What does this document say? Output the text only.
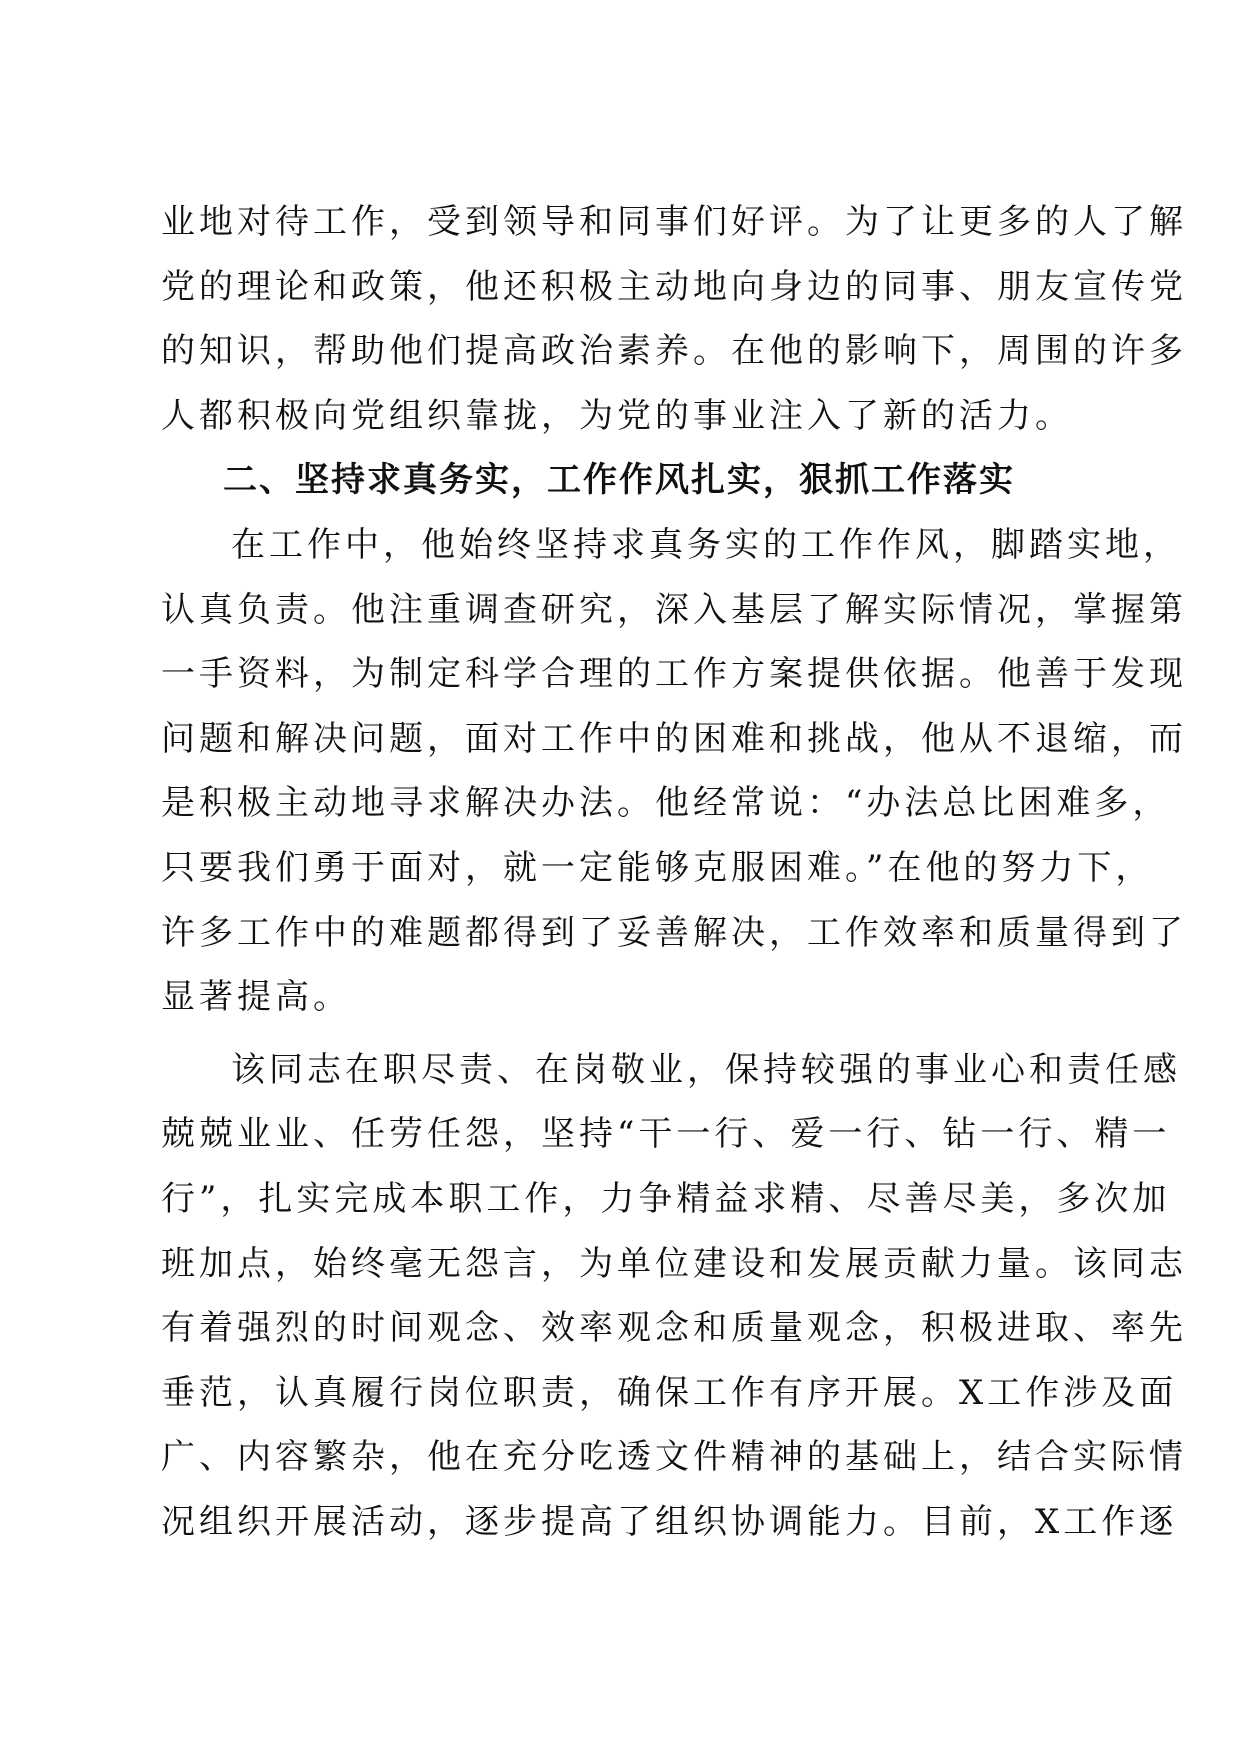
业地对待工作，受到领导和同事们好评。为了让更多的人了解
党的理论和政策，他还积极主动地向身边的同事、朋友宣传党
的知识，帮助他们提高政治素养。在他的影响下，周围的许多
人都积极向党组织靠拢，为党的事业注入了新的活力。
二、坚持求真务实，工作作风扎实，狠抓工作落实
在工作中，他始终坚持求真务实的工作作风，脚踏实地，
认真负责。他注重调查研究，深入基层了解实际情况，掌握第
一手资料，为制定科学合理的工作方案提供依据。他善于发现
问题和解决问题，面对工作中的困难和挑战，他从不退缩，而
是积极主动地寻求解决办法。他经常说：“办法总比困难多，
只要我们勇于面对，就一定能够克服困难。”在他的努力下，
许多工作中的难题都得到了妥善解决，工作效率和质量得到了
显著提高。
该同志在职尽责、在岗敬业，保持较强的事业心和责任感
兢兢业业、任劳任怨，坚持“干一行、爱一行、钻一行、精一
行”，扎实完成本职工作，力争精益求精、尽善尽美，多次加
班加点，始终毫无怨言，为单位建设和发展贡献力量。该同志
有着强烈的时间观念、效率观念和质量观念，积极进取、率先
垂范，认真履行岗位职责，确保工作有序开展。X工作涉及面
广、内容繁杂，他在充分吃透文件精神的基础上，结合实际情
况组织开展活动，逐步提高了组织协调能力。目前，X工作逐
